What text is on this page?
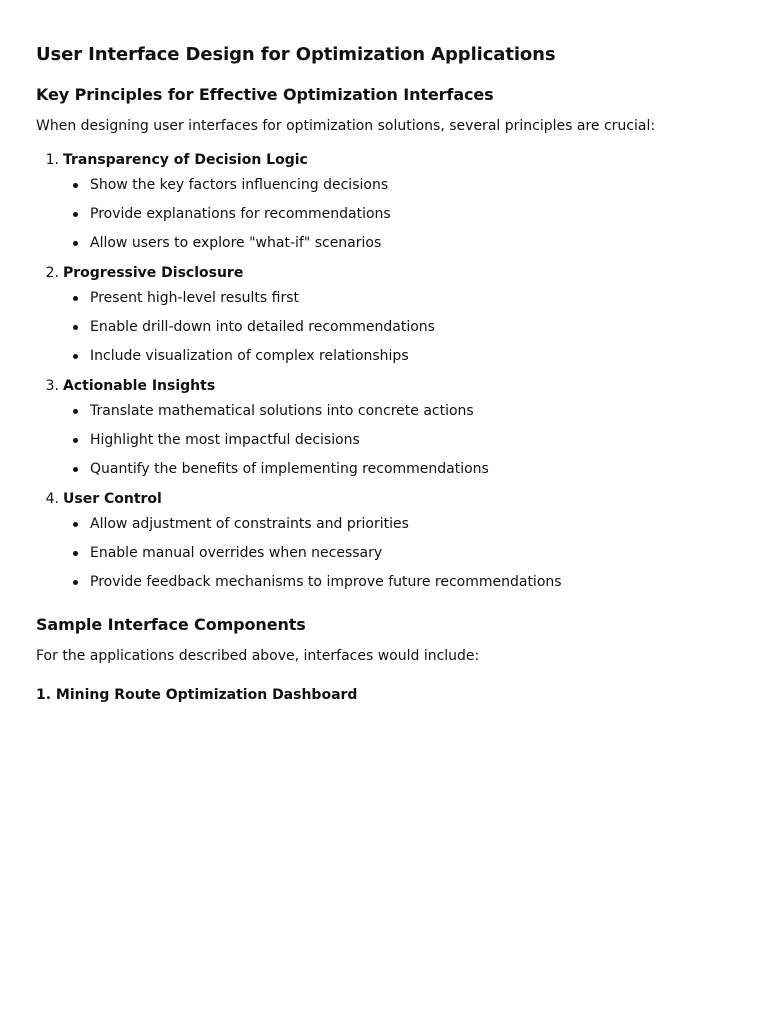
User Interface Design for Optimization Applications
Key Principles for Effective Optimization Interfaces

When designing user interfaces for optimization solutions, several principles are crucial:

1. Transparency of Decision Logic
Show the key factors influencing decisions
Provide explanations for recommendations
Allow users to explore "what-if" scenarios
2. Progressive Disclosure
Present high-level results first
Enable drill-down into detailed recommendations
Include visualization of complex relationships
3. Actionable Insights
Translate mathematical solutions into concrete actions
Highlight the most impactful decisions
Quantify the benefits of implementing recommendations
4. User Control
Allow adjustment of constraints and priorities
Enable manual overrides when necessary
Provide feedback mechanisms to improve future recommendations
Sample Interface Components

For the applications described above, interfaces would include:

1. Mining Route Optimization Dashboard
